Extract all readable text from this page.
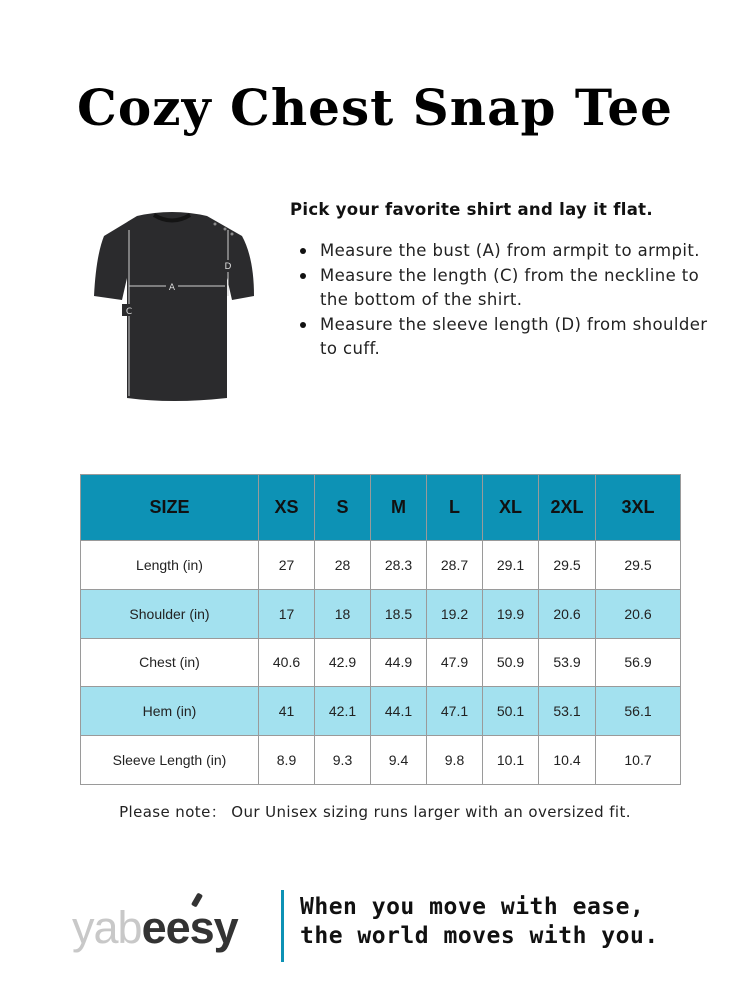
Cozy Chest Snap Tee
A
C
D
Pick your favorite shirt and lay it flat.
Measure the bust (A) from armpit to armpit.
Measure the length (C) from the neckline to the bottom of the shirt.
Measure the sleeve length (D) from shoulder to cuff.
SIZE	XS	S	M	L	XL	2XL	3XL
Length (in)	27	28	28.3	28.7	29.1	29.5	29.5
Shoulder (in)	17	18	18.5	19.2	19.9	20.6	20.6
Chest (in)	40.6	42.9	44.9	47.9	50.9	53.9	56.9
Hem (in)	41	42.1	44.1	47.1	50.1	53.1	56.1
Sleeve Length (in)	8.9	9.3	9.4	9.8	10.1	10.4	10.7
Please note： Our Unisex sizing runs larger with an oversized fit.
yabeesy	When you move with ease,
the world moves with you.
